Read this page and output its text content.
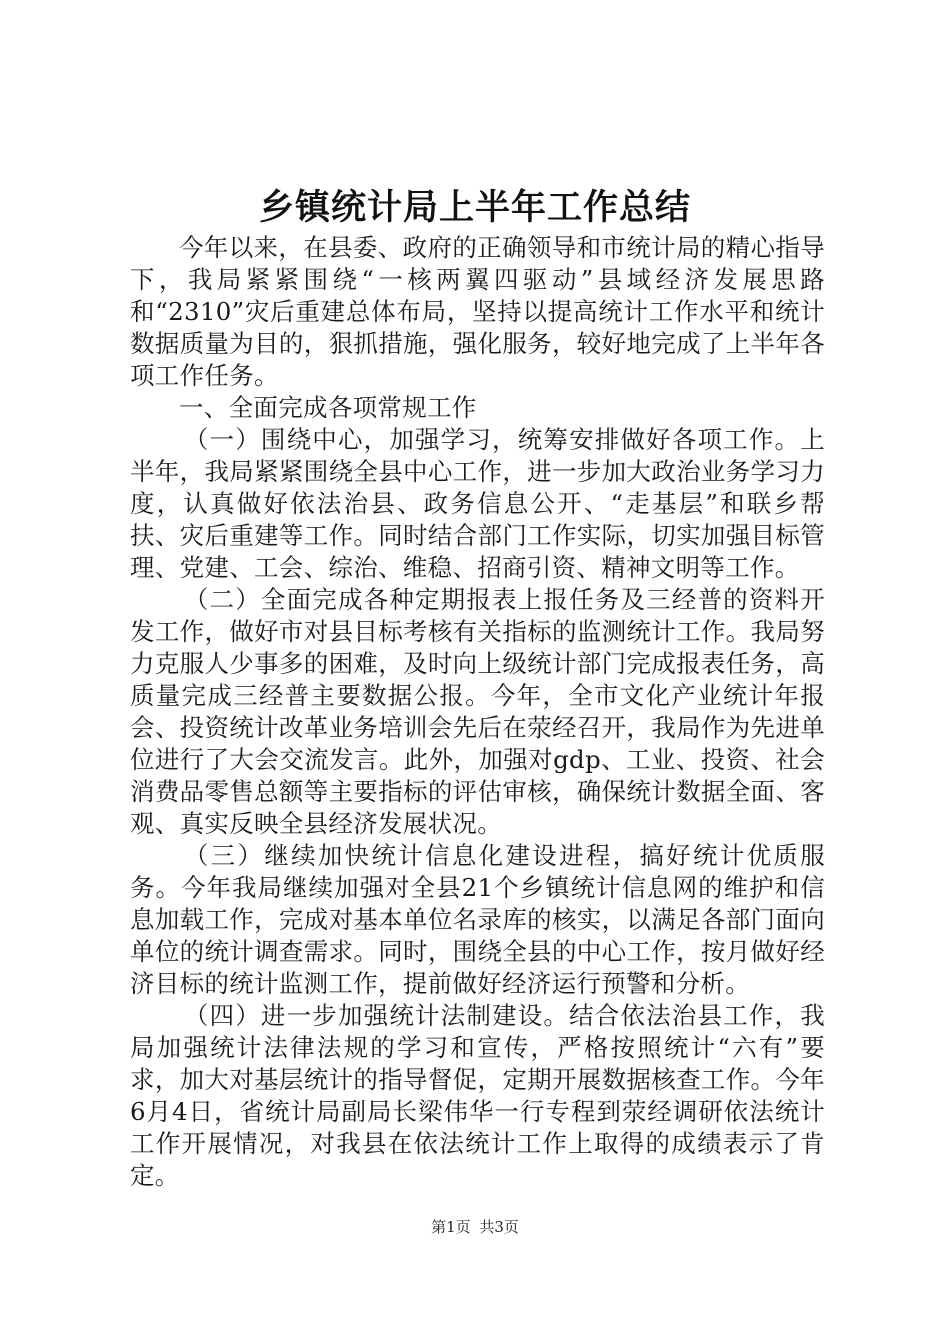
乡镇统计局上半年工作总结

今年以来，在县委、政府的正确领导和市统计局的精心指导下，我局紧紧围绕“一核两翼四驱动”县域经济发展思路和“2310”灾后重建总体布局，坚持以提高统计工作水平和统计数据质量为目的，狠抓措施，强化服务，较好地完成了上半年各项工作任务。

一、全面完成各项常规工作

（一）围绕中心，加强学习，统筹安排做好各项工作。上半年，我局紧紧围绕全县中心工作，进一步加大政治业务学习力度，认真做好依法治县、政务信息公开、“走基层”和联乡帮扶、灾后重建等工作。同时结合部门工作实际，切实加强目标管理、党建、工会、综治、维稳、招商引资、精神文明等工作。

（二）全面完成各种定期报表上报任务及三经普的资料开发工作，做好市对县目标考核有关指标的监测统计工作。我局努力克服人少事多的困难，及时向上级统计部门完成报表任务，高质量完成三经普主要数据公报。今年，全市文化产业统计年报会、投资统计改革业务培训会先后在荥经召开，我局作为先进单位进行了大会交流发言。此外，加强对gdp、工业、投资、社会消费品零售总额等主要指标的评估审核，确保统计数据全面、客观、真实反映全县经济发展状况。

（三）继续加快统计信息化建设进程，搞好统计优质服务。今年我局继续加强对全县21个乡镇统计信息网的维护和信息加载工作，完成对基本单位名录库的核实，以满足各部门面向单位的统计调查需求。同时，围绕全县的中心工作，按月做好经济目标的统计监测工作，提前做好经济运行预警和分析。

（四）进一步加强统计法制建设。结合依法治县工作，我局加强统计法律法规的学习和宣传，严格按照统计“六有”要求，加大对基层统计的指导督促，定期开展数据核查工作。今年6月4日，省统计局副局长梁伟华一行专程到荥经调研依法统计工作开展情况，对我县在依法统计工作上取得的成绩表示了肯定。

第1页 共3页
